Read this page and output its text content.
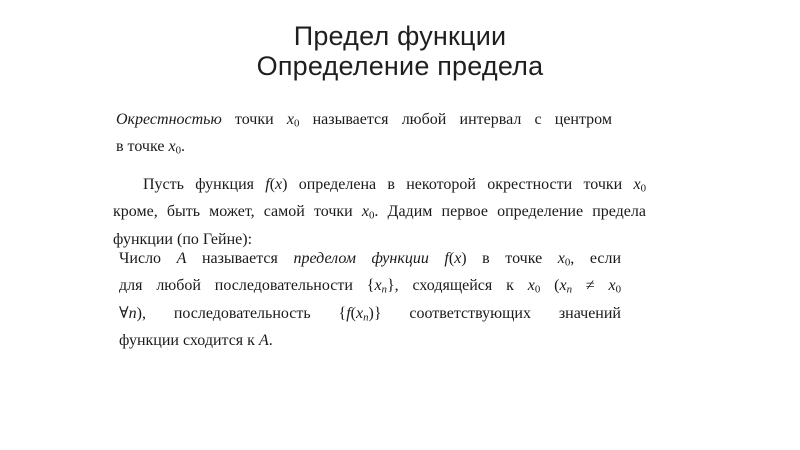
Предел функции
Определение предела
Окрестностью точки x0 называется любой интервал с центром
в точке x0.
Пусть функция f(x) определена в некоторой окрестности точки x0
кроме, быть может, самой точки x0. Дадим первое определение предела
функции (по Гейне):
Число A называется пределом функции f(x) в точке x0, если
для любой последовательности {xn}, сходящейся к x0 (xn ≠ x0
∀n), последовательность {f(xn)} соответствующих значений
функции сходится к A.
